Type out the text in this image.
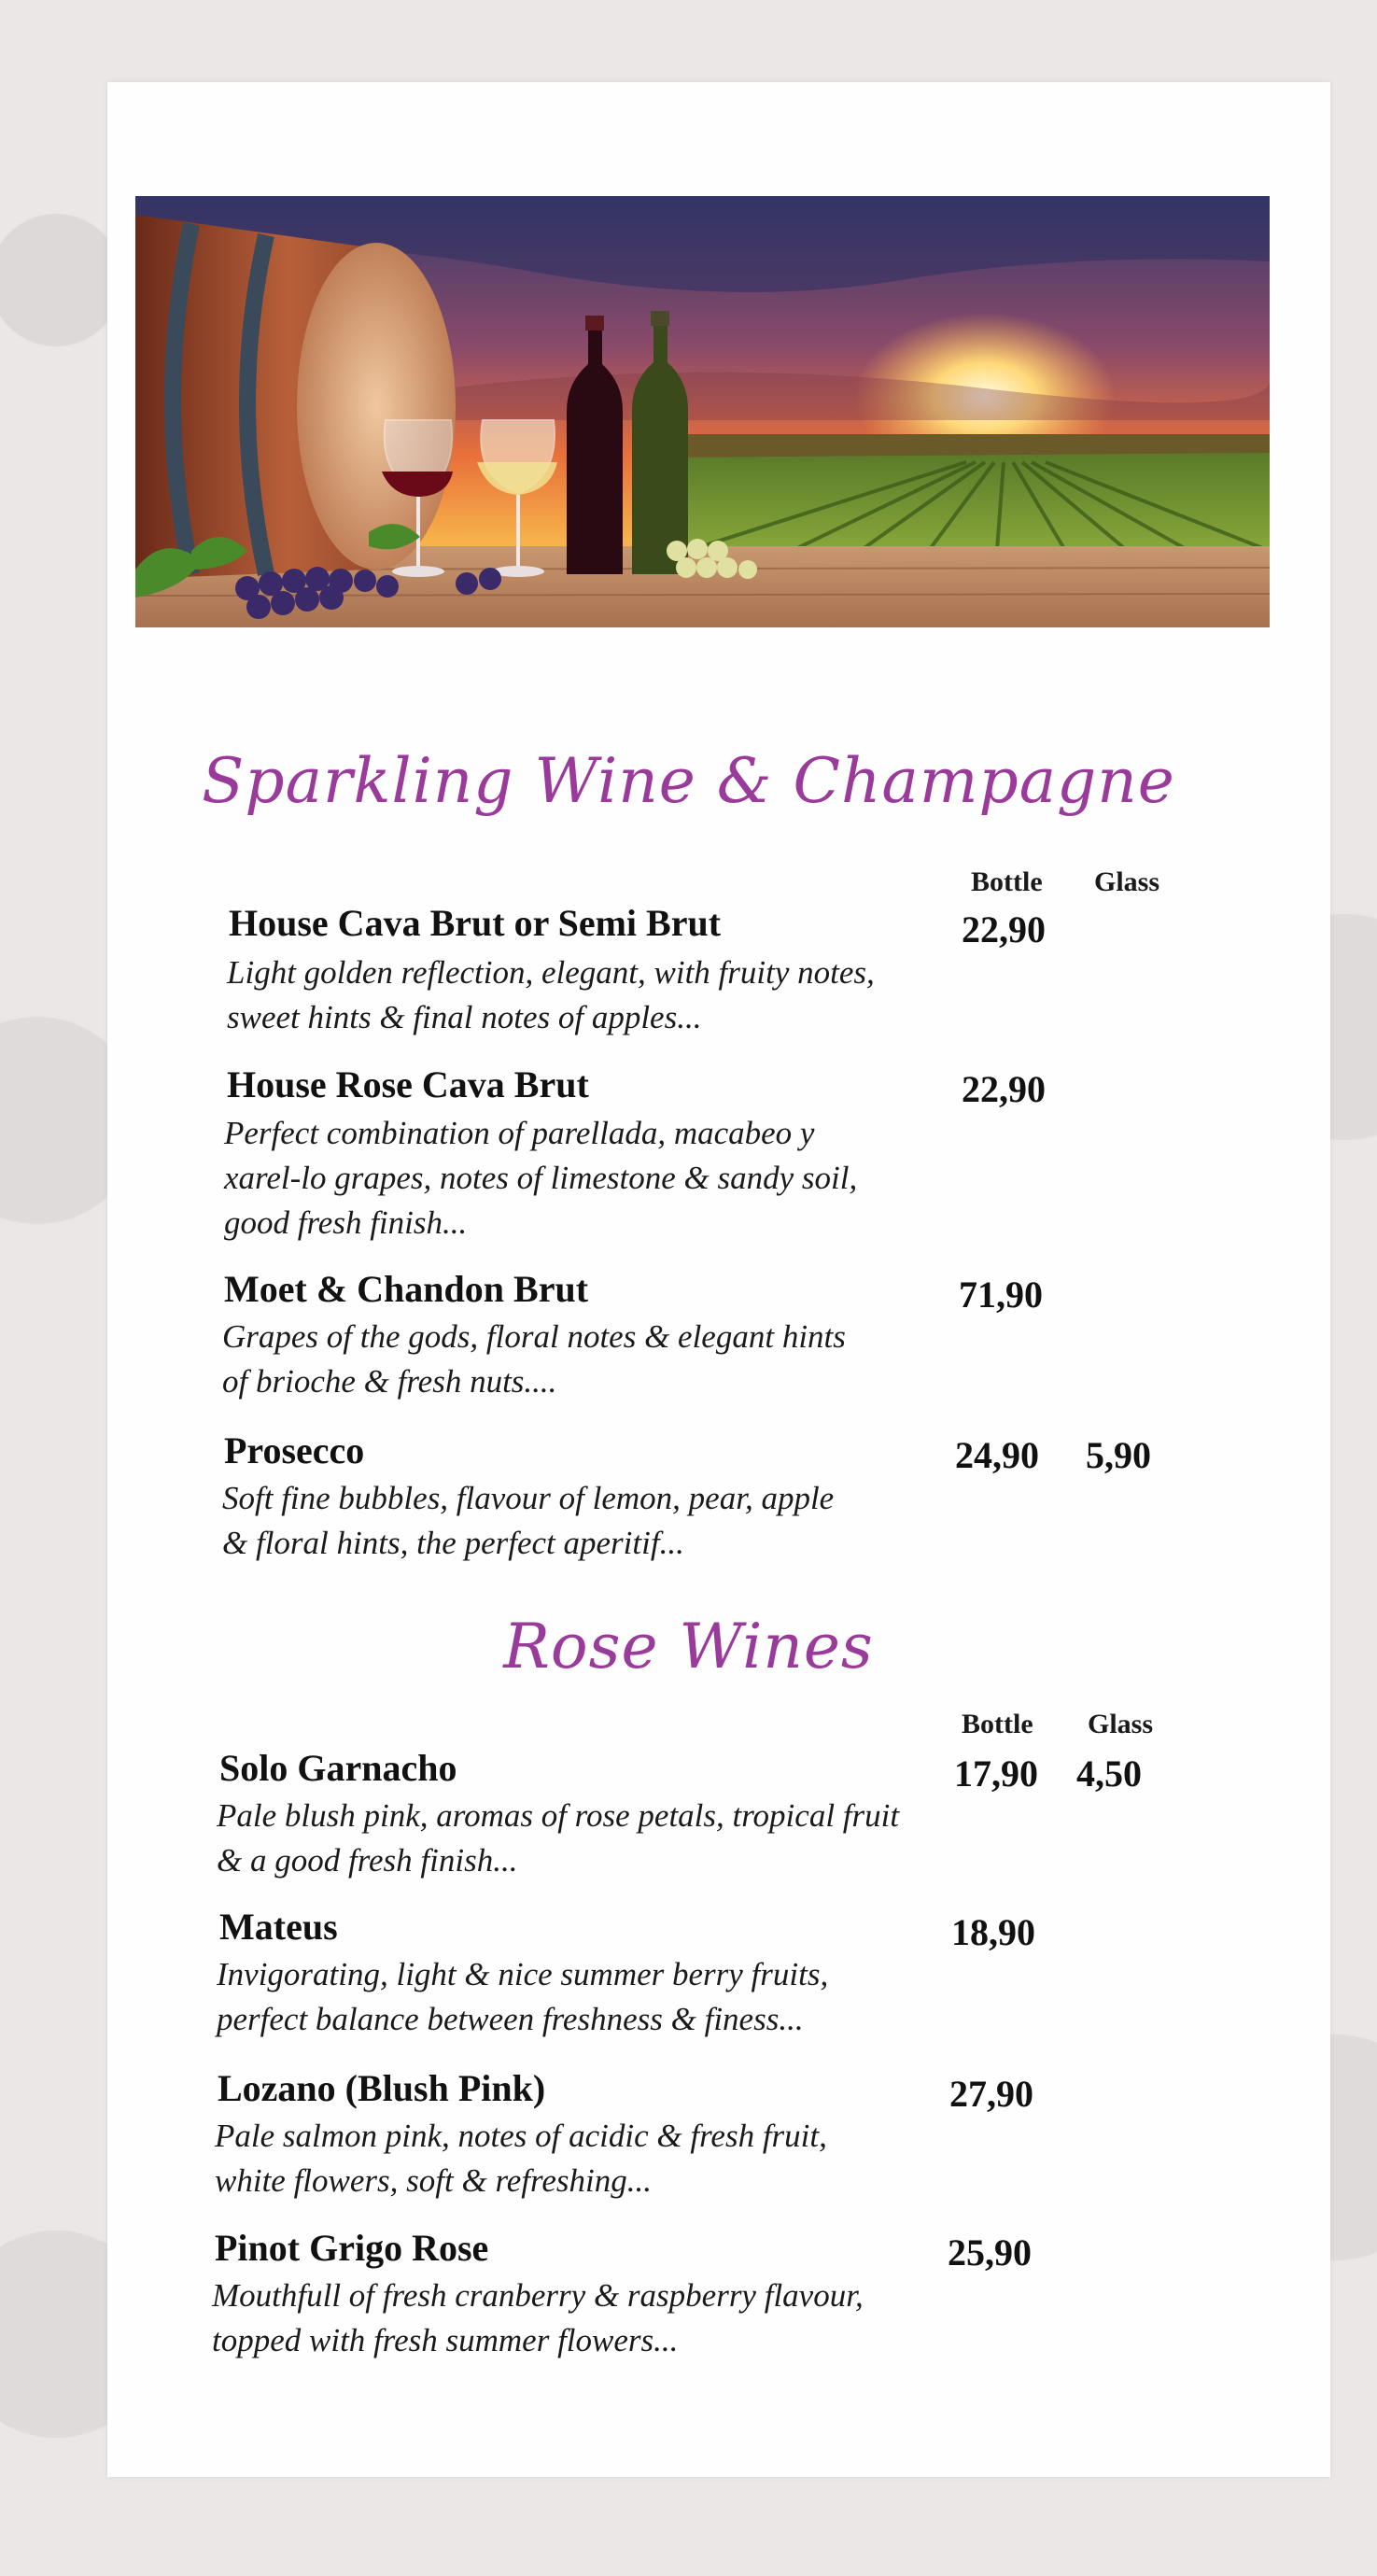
Sparkling Wine & Champagne
Bottle Glass
House Cava Brut or Semi Brut

Light golden reflection, elegant, with fruity notes, sweet hints & final notes of apples...

22,90
House Rose Cava Brut

Perfect combination of parellada, macabeo y xarel-lo grapes, notes of limestone & sandy soil, good fresh finish...

22,90
Moet & Chandon Brut

Grapes of the gods, floral notes & elegant hints of brioche & fresh nuts....

71,90
Prosecco

Soft fine bubbles, flavour of lemon, pear, apple & floral hints, the perfect aperitif...

24,90 5,90
Rose Wines
Bottle Glass
Solo Garnacho

Pale blush pink, aromas of rose petals, tropical fruit & a good fresh finish...

17,90 4,50
Mateus

Invigorating, light & nice summer berry fruits, perfect balance between freshness & finess...

18,90
Lozano (Blush Pink)

Pale salmon pink, notes of acidic & fresh fruit, white flowers, soft & refreshing...

27,90
Pinot Grigo Rose

Mouthfull of fresh cranberry & raspberry flavour, topped with fresh summer flowers...

25,90
